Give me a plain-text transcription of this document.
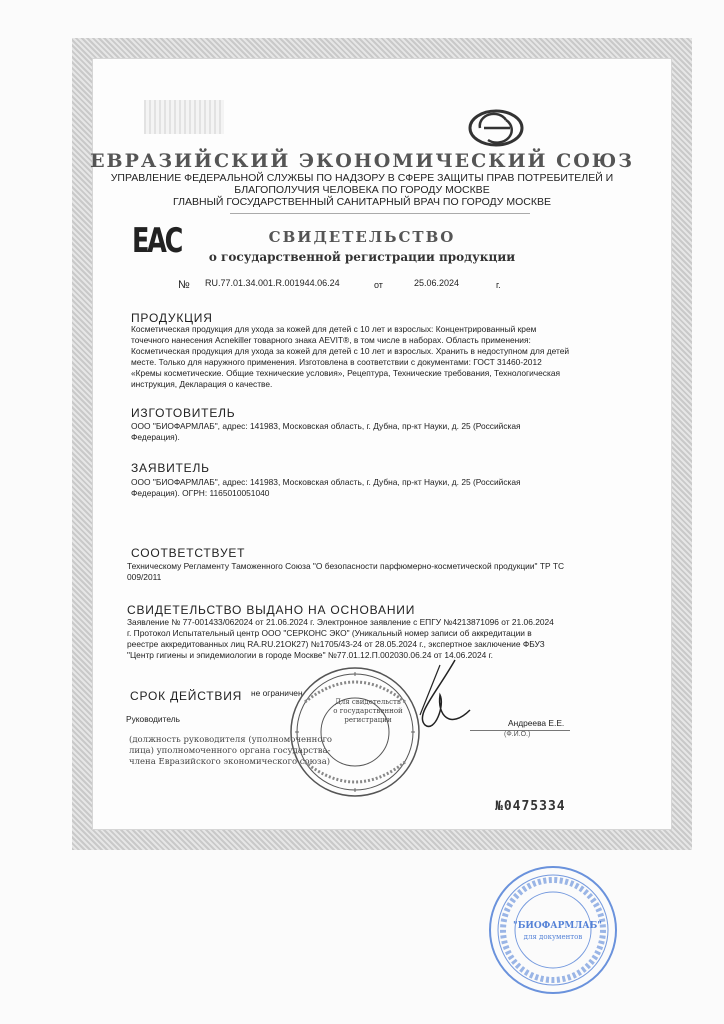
ЕВРАЗИЙСКИЙ ЭКОНОМИЧЕСКИЙ СОЮЗ
УПРАВЛЕНИЕ ФЕДЕРАЛЬНОЙ СЛУЖБЫ ПО НАДЗОРУ В СФЕРЕ ЗАЩИТЫ ПРАВ ПОТРЕБИТЕЛЕЙ И
БЛАГОПОЛУЧИЯ ЧЕЛОВЕКА ПО ГОРОДУ МОСКВЕ
ГЛАВНЫЙ ГОСУДАРСТВЕННЫЙ САНИТАРНЫЙ ВРАЧ ПО ГОРОДУ МОСКВЕ
EAC	СВИДЕТЕЛЬСТВО
о государственной регистрации продукции
№ RU.77.01.34.001.R.001944.06.24	от	25.06.2024	г.
ПРОДУКЦИЯ
Косметическая продукция для ухода за кожей для детей с 10 лет и взрослых: Концентрированный крем точечного нанесения Acnekiller товарного знака AEVIT®, в том числе в наборах. Область применения: Косметическая продукция для ухода за кожей для детей с 10 лет и взрослых. Хранить в недоступном для детей месте. Только для наружного применения. Изготовлена в соответствии с документами: ГОСТ 31460-2012 «Кремы косметические. Общие технические условия», Рецептура, Технические требования, Технологическая инструкция, Декларация о качестве.
ИЗГОТОВИТЕЛЬ
ООО "БИОФАРМЛАБ", адрес: 141983, Московская область, г. Дубна, пр-кт Науки, д. 25 (Российская Федерация).
ЗАЯВИТЕЛЬ
ООО "БИОФАРМЛАБ", адрес: 141983, Московская область, г. Дубна, пр-кт Науки, д. 25 (Российская Федерация). ОГРН: 1165010051040
СООТВЕТСТВУЕТ
Техническому Регламенту Таможенного Союза "О безопасности парфюмерно-косметической продукции" ТР ТС 009/2011
СВИДЕТЕЛЬСТВО ВЫДАНО НА ОСНОВАНИИ
Заявление № 77-001433/062024 от 21.06.2024 г. Электронное заявление с ЕПГУ №4213871096 от 21.06.2024 г. Протокол Испытательный центр ООО "СЕРКОНС ЭКО" (Уникальный номер записи об аккредитации в реестре аккредитованных лиц RA.RU.21ОК27) №1705/43-24 от 28.05.2024 г., экспертное заключение ФБУЗ "Центр гигиены и эпидемиологии в городе Москве" №77.01.12.П.002030.06.24 от 14.06.2024 г.
СРОК ДЕЙСТВИЯ не ограничен
Руководитель	Андреева Е.Е.
(Ф.И.О.)
(должность руководителя (уполномоченного
лица) уполномоченного органа государства-
члена Евразийского экономического союза)
Для свидетельств о государственной регистрации
№0475334
"БИОФАРМЛАБ"
для документов
